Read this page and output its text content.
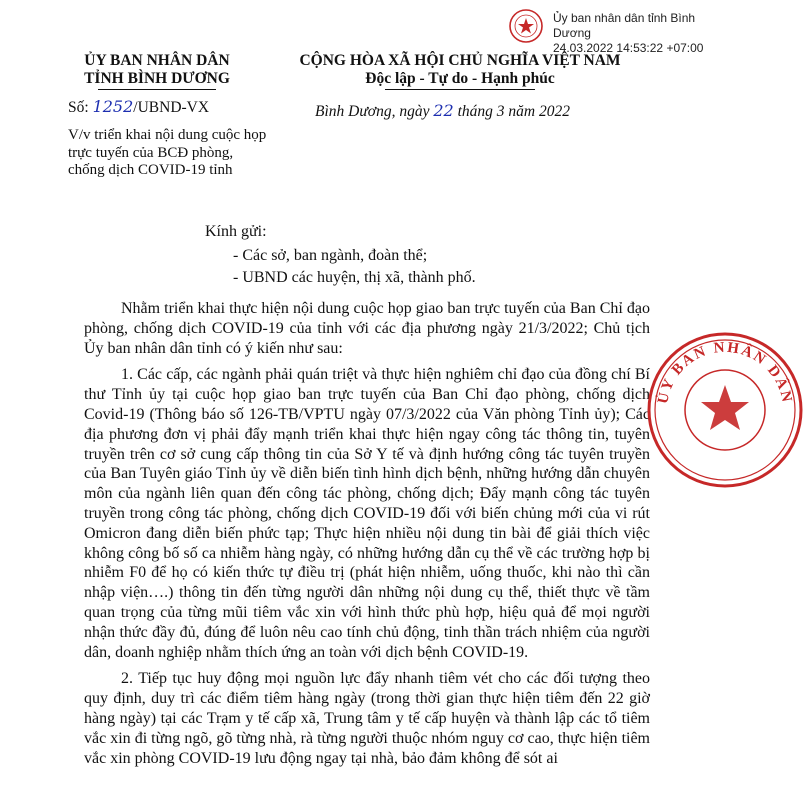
Ủy ban nhân dân tỉnh Bình Dương
24.03.2022 14:53:22 +07:00
ỦY BAN NHÂN DÂN
TỈNH BÌNH DƯƠNG
Số: 1252/UBND-VX
V/v triển khai nội dung cuộc họp trực tuyến của BCĐ phòng, chống dịch COVID-19 tỉnh
CỘNG HÒA XÃ HỘI CHỦ NGHĨA VIỆT NAM
Độc lập - Tự do - Hạnh phúc
Bình Dương, ngày 22 tháng 3 năm 2022
Kính gửi:
- Các sở, ban ngành, đoàn thể;
- UBND các huyện, thị xã, thành phố.

Nhằm triển khai thực hiện nội dung cuộc họp giao ban trực tuyến của Ban Chỉ đạo phòng, chống dịch COVID-19 của tỉnh với các địa phương ngày 21/3/2022; Chủ tịch Ủy ban nhân dân tỉnh có ý kiến như sau:

1. Các cấp, các ngành phải quán triệt và thực hiện nghiêm chỉ đạo của đồng chí Bí thư Tỉnh ủy tại cuộc họp giao ban trực tuyến của Ban Chỉ đạo phòng, chống dịch Covid-19 (Thông báo số 126-TB/VPTU ngày 07/3/2022 của Văn phòng Tỉnh ủy); Các địa phương đơn vị phải đẩy mạnh triển khai thực hiện ngay công tác thông tin, tuyên truyền trên cơ sở cung cấp thông tin của Sở Y tế và định hướng công tác tuyên truyền của Ban Tuyên giáo Tỉnh ủy về diễn biến tình hình dịch bệnh, những hướng dẫn chuyên môn của ngành liên quan đến công tác phòng, chống dịch; Đẩy mạnh công tác tuyên truyền trong công tác phòng, chống dịch COVID-19 đối với biến chủng mới của vi rút Omicron đang diễn biến phức tạp; Thực hiện nhiều nội dung tin bài để giải thích việc không công bố số ca nhiễm hàng ngày, có những hướng dẫn cụ thể về các trường hợp bị nhiễm F0 để họ có kiến thức tự điều trị (phát hiện nhiễm, uống thuốc, khi nào thì cần nhập viện….) thông tin đến từng người dân những nội dung cụ thể, thiết thực về tầm quan trọng của từng mũi tiêm vắc xin với hình thức phù hợp, hiệu quả để mọi người nhận thức đầy đủ, đúng để luôn nêu cao tính chủ động, tinh thần trách nhiệm của người dân, doanh nghiệp nhằm thích ứng an toàn với dịch bệnh COVID-19.

2. Tiếp tục huy động mọi nguồn lực đẩy nhanh tiêm vét cho các đối tượng theo quy định, duy trì các điểm tiêm hàng ngày (trong thời gian thực hiện tiêm đến 22 giờ hàng ngày) tại các Trạm y tế cấp xã, Trung tâm y tế cấp huyện và thành lập các tổ tiêm vắc xin đi từng ngõ, gõ từng nhà, rà từng người thuộc nhóm nguy cơ cao, thực hiện tiêm vắc xin phòng COVID-19 lưu động ngay tại nhà, bảo đảm không để sót ai

ỦY BAN NHÂN DÂN
